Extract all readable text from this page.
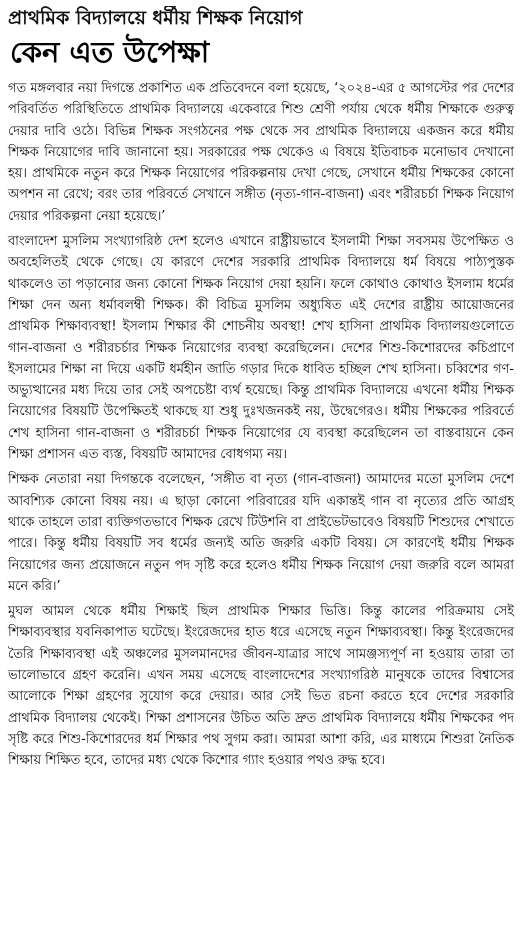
প্রাথমিক বিদ্যালয়ে ধর্মীয় শিক্ষক নিয়োগ
কেন এত উপেক্ষা

গত মঙ্গলবার নয়া দিগন্তে প্রকাশিত এক প্রতিবেদনে বলা হয়েছে, ‘২০২৪-এর ৫ আগস্টের পর দেশের পরিবর্তিত পরিস্থিতিতে প্রাথমিক বিদ্যালয়ে একেবারে শিশু শ্রেণী পর্যায় থেকে ধর্মীয় শিক্ষাকে গুরুত্ব দেয়ার দাবি ওঠে। বিভিন্ন শিক্ষক সংগঠনের পক্ষ থেকে সব প্রাথমিক বিদ্যালয়ে একজন করে ধর্মীয় শিক্ষক নিয়োগের দাবি জানানো হয়। সরকারের পক্ষ থেকেও এ বিষয়ে ইতিবাচক মনোভাব দেখানো হয়। প্রাথমিকে নতুন করে শিক্ষক নিয়োগের পরিকল্পনায় দেখা গেছে, সেখানে ধর্মীয় শিক্ষকের কোনো অপশন না রেখে; বরং তার পরিবর্তে সেখানে সঙ্গীত (নৃত্য-গান-বাজনা) এবং শরীরচর্চা শিক্ষক নিয়োগ দেয়ার পরিকল্পনা নেয়া হয়েছে।’

বাংলাদেশ মুসলিম সংখ্যাগরিষ্ঠ দেশ হলেও এখানে রাষ্ট্রীয়ভাবে ইসলামী শিক্ষা সবসময় উপেক্ষিত ও অবহেলিতই থেকে গেছে। যে কারণে দেশের সরকারি প্রাথমিক বিদ্যালয়ে ধর্ম বিষয়ে পাঠ্যপুস্তক থাকলেও তা পড়ানোর জন্য কোনো শিক্ষক নিয়োগ দেয়া হয়নি। ফলে কোথাও কোথাও ইসলাম ধর্মের শিক্ষা দেন অন্য ধর্মাবলম্বী শিক্ষক। কী বিচিত্র মুসলিম অধ্যুষিত এই দেশের রাষ্ট্রীয় আয়োজনের প্রাথমিক শিক্ষাব্যবস্থা! ইসলাম শিক্ষার কী শোচনীয় অবস্থা! শেখ হাসিনা প্রাথমিক বিদ্যালয়গুলোতে গান-বাজনা ও শরীরচর্চার শিক্ষক নিয়োগের ব্যবস্থা করেছিলেন। দেশের শিশু-কিশোরদের কচিপ্রাণে ইসলামের শিক্ষা না দিয়ে একটি ধর্মহীন জাতি গড়ার দিকে ধাবিত হচ্ছিল শেখ হাসিনা। চব্বিশের গণ-অভ্যুত্থানের মধ্য দিয়ে তার সেই অপচেষ্টা ব্যর্থ হয়েছে। কিন্তু প্রাথমিক বিদ্যালয়ে এখনো ধর্মীয় শিক্ষক নিয়োগের বিষয়টি উপেক্ষিতই থাকছে যা শুধু দুঃখজনকই নয়, উদ্বেগেরও। ধর্মীয় শিক্ষকের পরিবর্তে শেখ হাসিনা গান-বাজনা ও শরীরচর্চা শিক্ষক নিয়োগের যে ব্যবস্থা করেছিলেন তা বাস্তবায়নে কেন শিক্ষা প্রশাসন এত ব্যস্ত, বিষয়টি আমাদের বোধগম্য নয়।

শিক্ষক নেতারা নয়া দিগন্তকে বলেছেন, ‘সঙ্গীত বা নৃত্য (গান-বাজনা) আমাদের মতো মুসলিম দেশে আবশ্যিক কোনো বিষয় নয়। এ ছাড়া কোনো পরিবারের যদি একান্তই গান বা নৃত্যের প্রতি আগ্রহ থাকে তাহলে তারা ব্যক্তিগতভাবে শিক্ষক রেখে টিউশনি বা প্রাইভেটভাবেও বিষয়টি শিশুদের শেখাতে পারে। কিন্তু ধর্মীয় বিষয়টি সব ধর্মের জন্যই অতি জরুরি একটি বিষয়। সে কারণেই ধর্মীয় শিক্ষক নিয়োগের জন্য প্রয়োজনে নতুন পদ সৃষ্টি করে হলেও ধর্মীয় শিক্ষক নিয়োগ দেয়া জরুরি বলে আমরা মনে করি।’

মুঘল আমল থেকে ধর্মীয় শিক্ষাই ছিল প্রাথমিক শিক্ষার ভিত্তি। কিন্তু কালের পরিক্রমায় সেই শিক্ষাব্যবস্থার যবনিকাপাত ঘটেছে। ইংরেজদের হাত ধরে এসেছে নতুন শিক্ষাব্যবস্থা। কিন্তু ইংরেজদের তৈরি শিক্ষাব্যবস্থা এই অঞ্চলের মুসলমানদের জীবন-যাত্রার সাথে সামঞ্জস্যপূর্ণ না হওয়ায় তারা তা ভালোভাবে গ্রহণ করেনি। এখন সময় এসেছে বাংলাদেশের সংখ্যাগরিষ্ঠ মানুষকে তাদের বিশ্বাসের আলোকে শিক্ষা গ্রহণের সুযোগ করে দেয়ার। আর সেই ভিত রচনা করতে হবে দেশের সরকারি প্রাথমিক বিদ্যালয় থেকেই। শিক্ষা প্রশাসনের উচিত অতি দ্রুত প্রাথমিক বিদ্যালয়ে ধর্মীয় শিক্ষকের পদ সৃষ্টি করে শিশু-কিশোরদের ধর্ম শিক্ষার পথ সুগম করা। আমরা আশা করি, এর মাধ্যমে শিশুরা নৈতিক শিক্ষায় শিক্ষিত হবে, তাদের মধ্য থেকে কিশোর গ্যাং হওয়ার পথও রুদ্ধ হবে।
